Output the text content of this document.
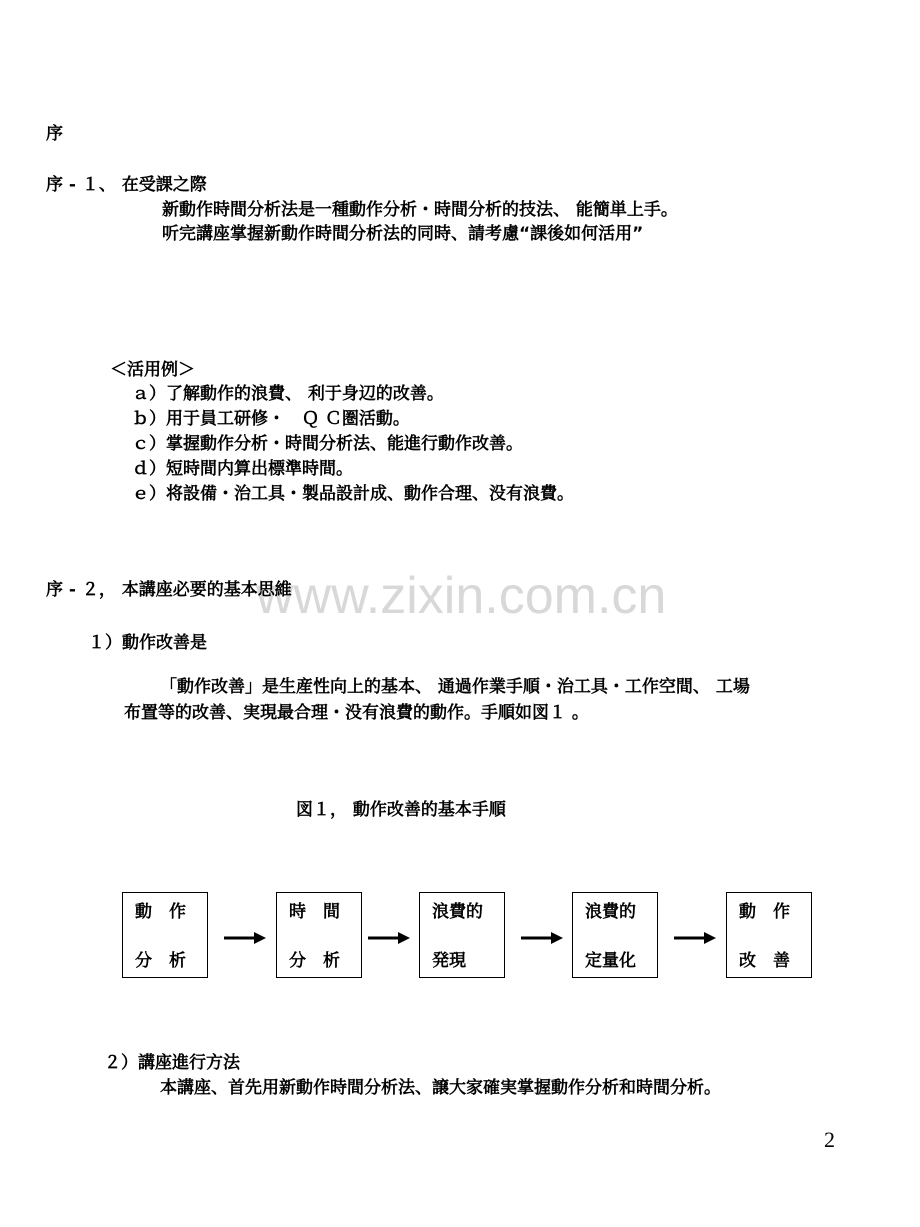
www.zixin.com.cn
序
序 - １、 在受課之際
新動作時間分析法是一種動作分析・時間分析的技法、 能簡単上手。
听完講座掌握新動作時間分析法的同時、請考慮“課後如何活用”
＜活用例＞
ａ）了解動作的浪費、 利于身辺的改善。
ｂ）用于員工研修・　Ｑ Ｃ圏活動。
ｃ）掌握動作分析・時間分析法、能進行動作改善。
ｄ）短時間内算出標準時間。
ｅ）将設備・治工具・製品設計成、動作合理、没有浪費。
序 - ２， 本講座必要的基本思維
１）動作改善是
「動作改善」是生産性向上的基本、 通過作業手順・治工具・工作空間、 工場
布置等的改善、実現最合理・没有浪費的動作。手順如図１ 。
図１， 動作改善的基本手順
動　作
分　析
時　間
分　析
浪費的
発現
浪費的
定量化
動　作
改　善
２）講座進行方法
本講座、首先用新動作時間分析法、譲大家確実掌握動作分析和時間分析。
2
